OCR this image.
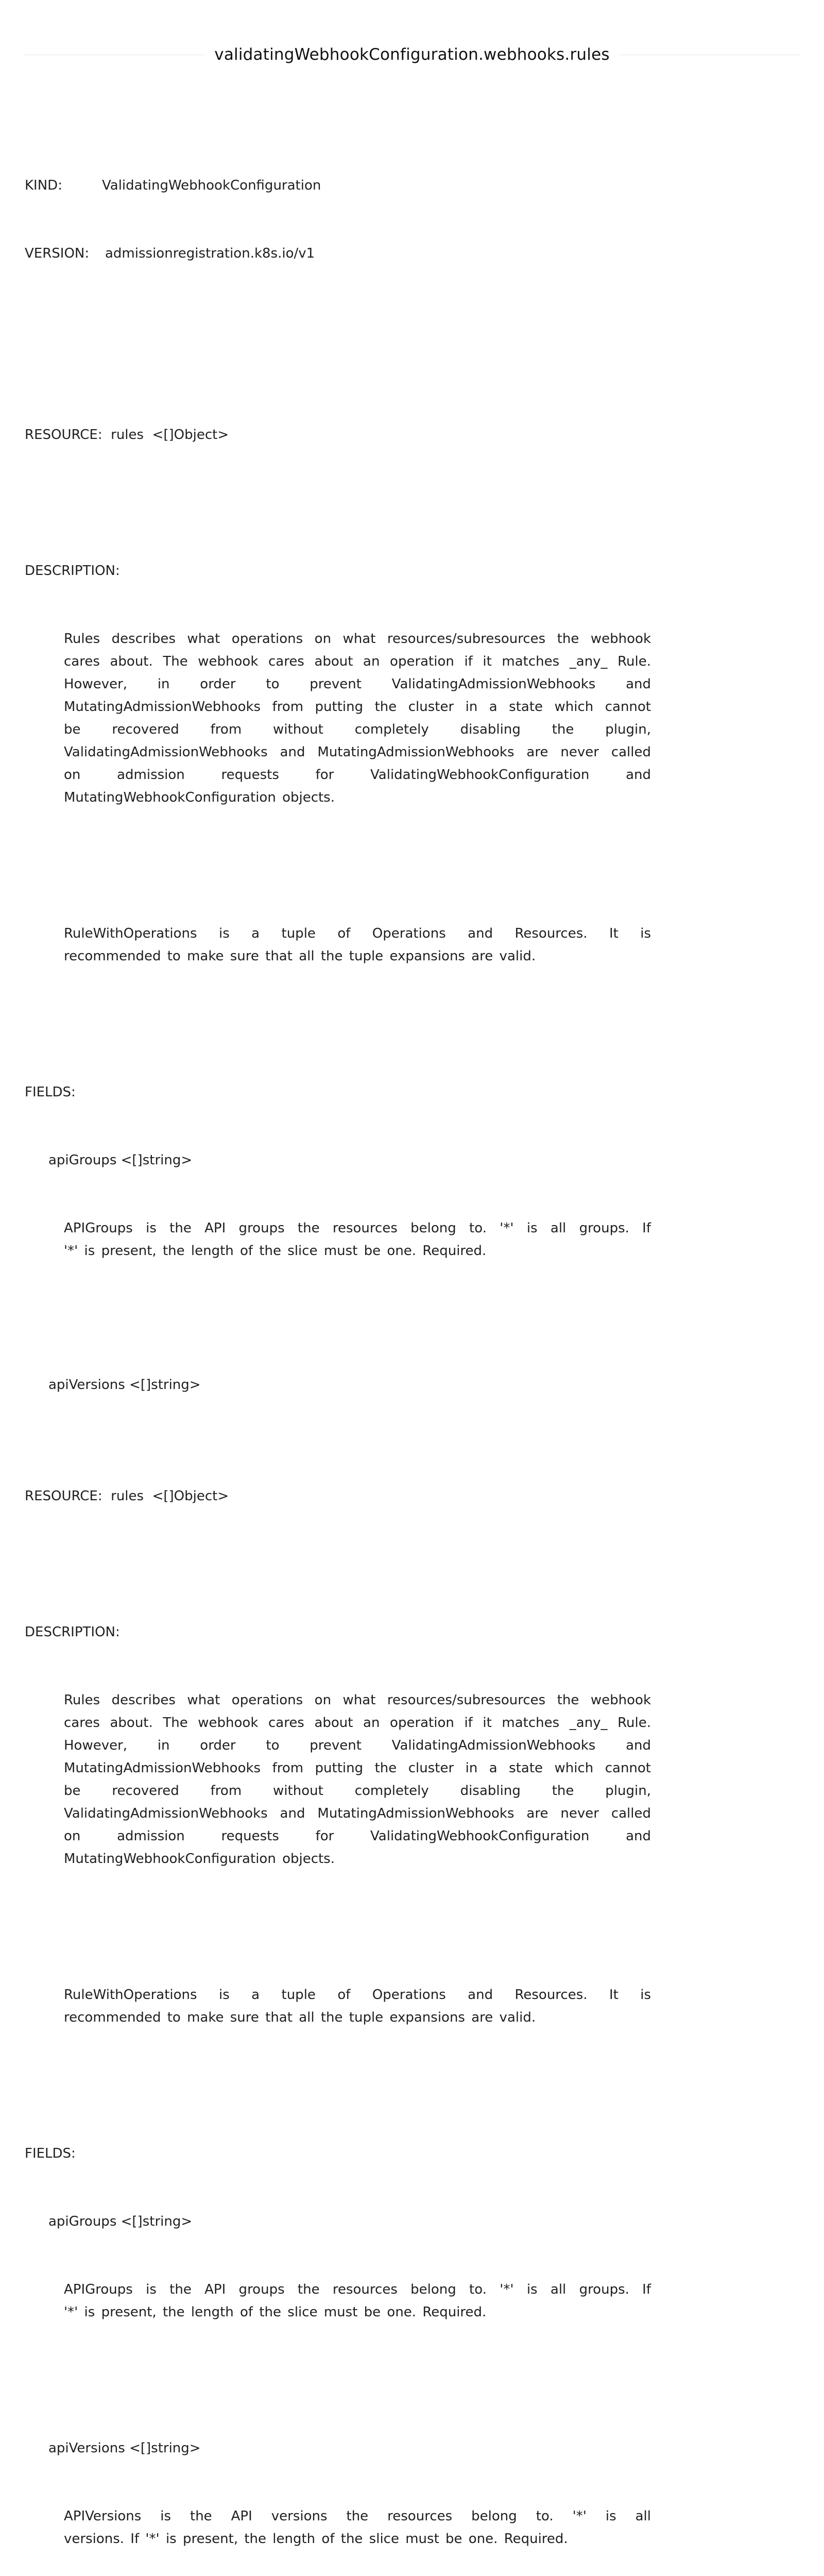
validatingWebhookConfiguration.webhooks.rules

KIND:	ValidatingWebhookConfiguration

VERSION: admissionregistration.k8s.io/v1

RESOURCE:  rules  <[]Object>

DESCRIPTION:

Rules describes what operations on what resources/subresources the webhook
cares about. The webhook cares about an operation if it matches _any_ Rule.
However, in order to prevent ValidatingAdmissionWebhooks and
MutatingAdmissionWebhooks from putting the cluster in a state which cannot
be recovered from without completely disabling the plugin,
ValidatingAdmissionWebhooks and MutatingAdmissionWebhooks are never called
on admission requests for ValidatingWebhookConfiguration and
MutatingWebhookConfiguration objects.

RuleWithOperations is a tuple of Operations and Resources. It is
recommended to make sure that all the tuple expansions are valid.

FIELDS:

apiGroups <[]string>

APIGroups is the API groups the resources belong to. '*' is all groups. If
'*' is present, the length of the slice must be one. Required.

apiVersions <[]string>

RESOURCE:  rules  <[]Object>

DESCRIPTION:

Rules describes what operations on what resources/subresources the webhook
cares about. The webhook cares about an operation if it matches _any_ Rule.
However, in order to prevent ValidatingAdmissionWebhooks and
MutatingAdmissionWebhooks from putting the cluster in a state which cannot
be recovered from without completely disabling the plugin,
ValidatingAdmissionWebhooks and MutatingAdmissionWebhooks are never called
on admission requests for ValidatingWebhookConfiguration and
MutatingWebhookConfiguration objects.

RuleWithOperations is a tuple of Operations and Resources. It is
recommended to make sure that all the tuple expansions are valid.

FIELDS:

apiGroups <[]string>

APIGroups is the API groups the resources belong to. '*' is all groups. If
'*' is present, the length of the slice must be one. Required.

apiVersions <[]string>

APIVersions is the API versions the resources belong to. '*' is all
versions. If '*' is present, the length of the slice must be one. Required.
